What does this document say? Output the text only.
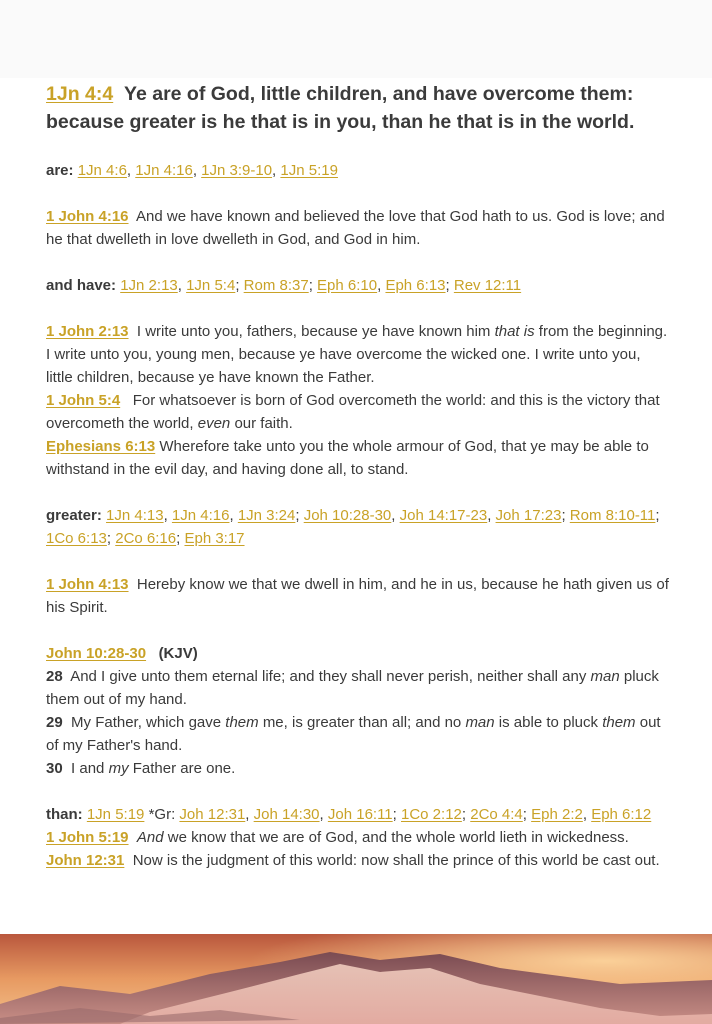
1Jn 4:4 Ye are of God, little children, and have overcome them: because greater is he that is in you, than he that is in the world.

are: 1Jn 4:6, 1Jn 4:16, 1Jn 3:9-10, 1Jn 5:19

1 John 4:16 And we have known and believed the love that God hath to us. God is love; and he that dwelleth in love dwelleth in God, and God in him.

and have: 1Jn 2:13, 1Jn 5:4; Rom 8:37; Eph 6:10, Eph 6:13; Rev 12:11

1 John 2:13 I write unto you, fathers, because ye have known him that is from the beginning. I write unto you, young men, because ye have overcome the wicked one. I write unto you, little children, because ye have known the Father.

1 John 5:4 For whatsoever is born of God overcometh the world: and this is the victory that overcometh the world, even our faith.

Ephesians 6:13 Wherefore take unto you the whole armour of God, that ye may be able to withstand in the evil day, and having done all, to stand.

greater: 1Jn 4:13, 1Jn 4:16, 1Jn 3:24; Joh 10:28-30, Joh 14:17-23, Joh 17:23; Rom 8:10-11; 1Co 6:13; 2Co 6:16; Eph 3:17

1 John 4:13 Hereby know we that we dwell in him, and he in us, because he hath given us of his Spirit.

John 10:28-30 (KJV)

28 And I give unto them eternal life; and they shall never perish, neither shall any man pluck them out of my hand.

29 My Father, which gave them me, is greater than all; and no man is able to pluck them out of my Father's hand.

30 I and my Father are one.

than: 1Jn 5:19 *Gr: Joh 12:31, Joh 14:30, Joh 16:11; 1Co 2:12; 2Co 4:4; Eph 2:2, Eph 6:12

1 John 5:19 And we know that we are of God, and the whole world lieth in wickedness.

John 12:31 Now is the judgment of this world: now shall the prince of this world be cast out.
